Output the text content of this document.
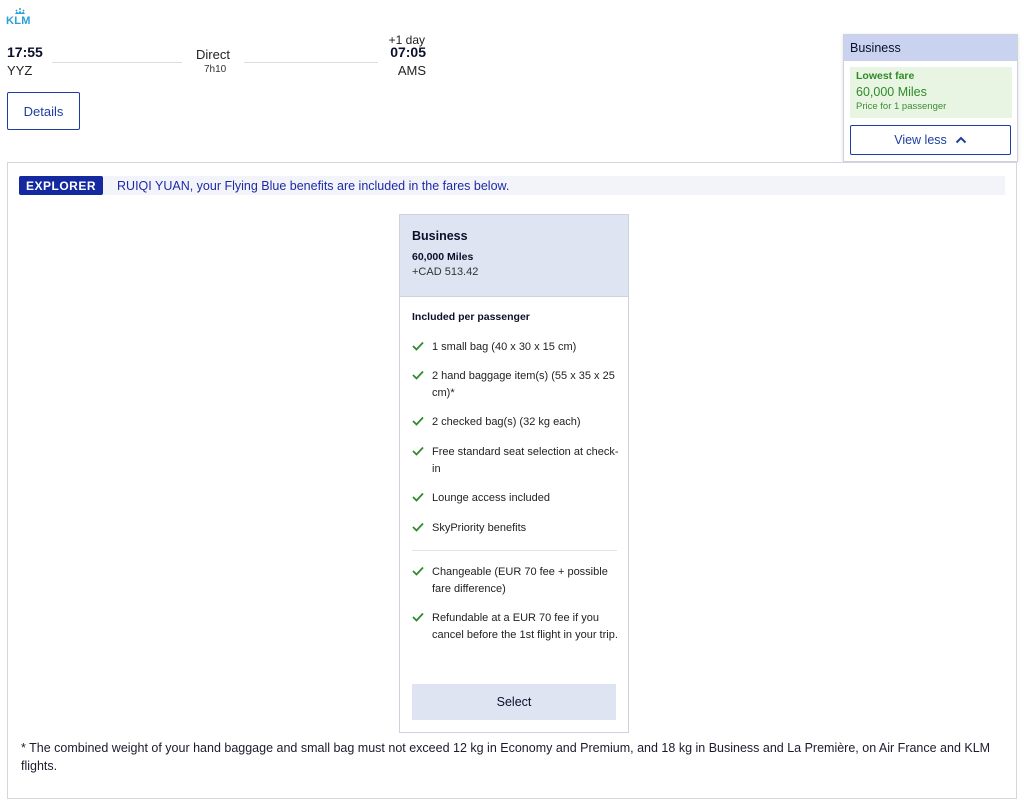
KLM
17:55
YYZ
Direct
7h10
+1 day
07:05
AMS
Details
Business
Lowest fare
60,000 Miles
Price for 1 passenger
View less
EXPLORER	RUIQI YUAN, your Flying Blue benefits are included in the fares below.
Business
60,000 Miles
+CAD 513.42
Included per passenger
1 small bag (40 x 30 x 15 cm)
2 hand baggage item(s) (55 x 35 x 25 cm)*
2 checked bag(s) (32 kg each)
Free standard seat selection at check-in
Lounge access included
SkyPriority benefits
Changeable (EUR 70 fee + possible fare difference)
Refundable at a EUR 70 fee if you cancel before the 1st flight in your trip.
Select
* The combined weight of your hand baggage and small bag must not exceed 12 kg in Economy and Premium, and 18 kg in Business and La Première, on Air France and KLM flights.
